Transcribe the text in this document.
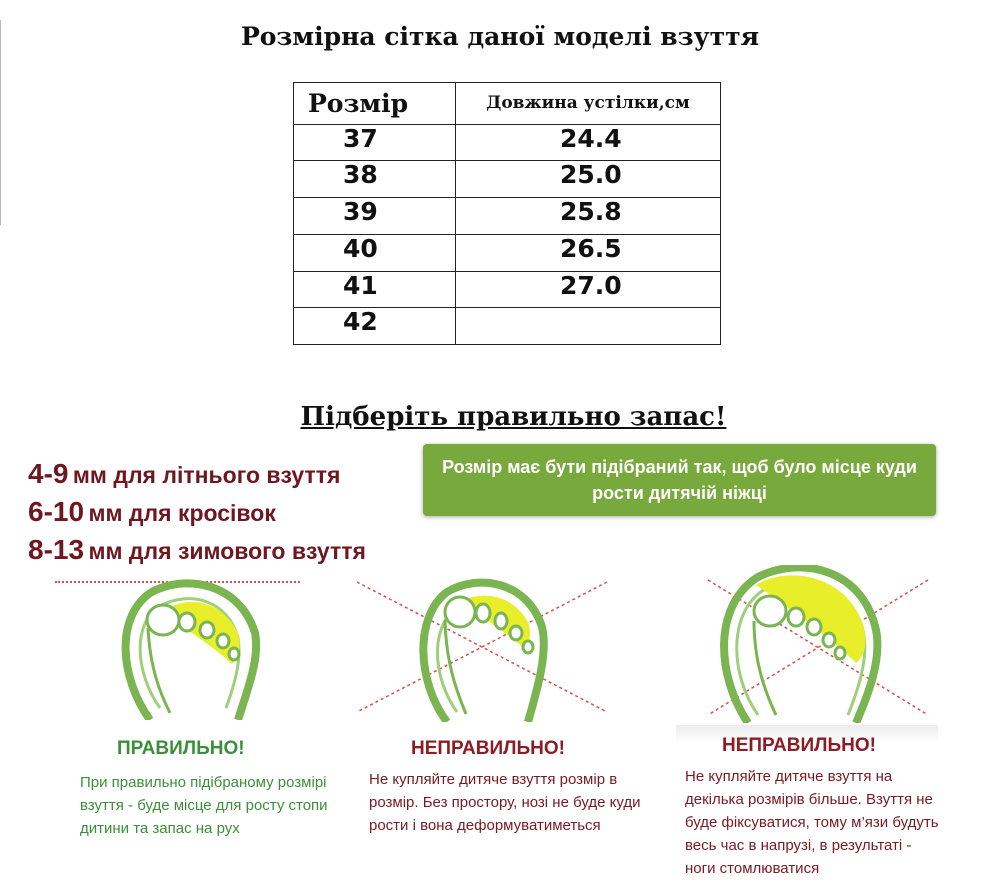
Розмірна сітка даної моделі взуття
Розмір	Довжина устілки,см
37	24.4
38	25.0
39	25.8
40	26.5
41	27.0
42	
Підберіть правильно запас!
4-9 мм для літнього взуття
6-10 мм для кросівок
8-13 мм для зимового взуття
Розмір має бути підібраний так, щоб було місце куди рости дитячій ніжці
ПРАВИЛЬНО!	НЕПРАВИЛЬНО!	НЕПРАВИЛЬНО!
При правильно підібраному розмірі взуття - буде місце для росту стопи дитини та запас на рух
Не купляйте дитяче взуття розмір в розмір. Без простору, нозі не буде куди рости і вона деформуватиметься
Не купляйте дитяче взуття на декілька розмірів більше. Взуття не буде фіксуватися, тому м’язи будуть весь час в напрузі, в результаті - ноги стомлюватися
